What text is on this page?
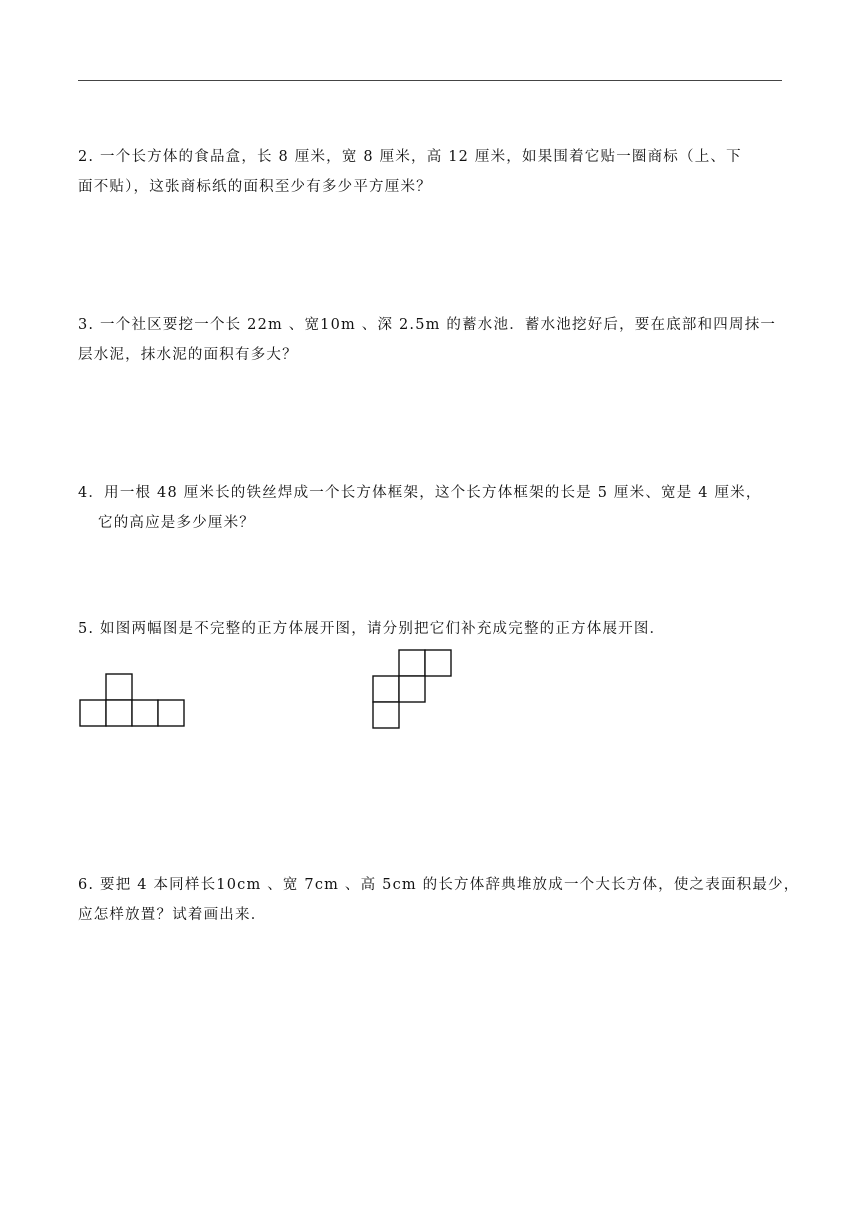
2. 一个长方体的食品盒，长 8 厘米，宽 8 厘米，高 12 厘米，如果围着它贴一圈商标（上、下
面不贴），这张商标纸的面积至少有多少平方厘米？
3. 一个社区要挖一个长 22m 、宽10m 、深 2.5m 的蓄水池．蓄水池挖好后，要在底部和四周抹一
层水泥，抹水泥的面积有多大？
4．用一根 48 厘米长的铁丝焊成一个长方体框架，这个长方体框架的长是 5 厘米、宽是 4 厘米，
它的高应是多少厘米？
5. 如图两幅图是不完整的正方体展开图，请分别把它们补充成完整的正方体展开图．
6. 要把 4 本同样长10cm 、宽 7cm 、高 5cm 的长方体辞典堆放成一个大长方体，使之表面积最少，
应怎样放置？试着画出来．
